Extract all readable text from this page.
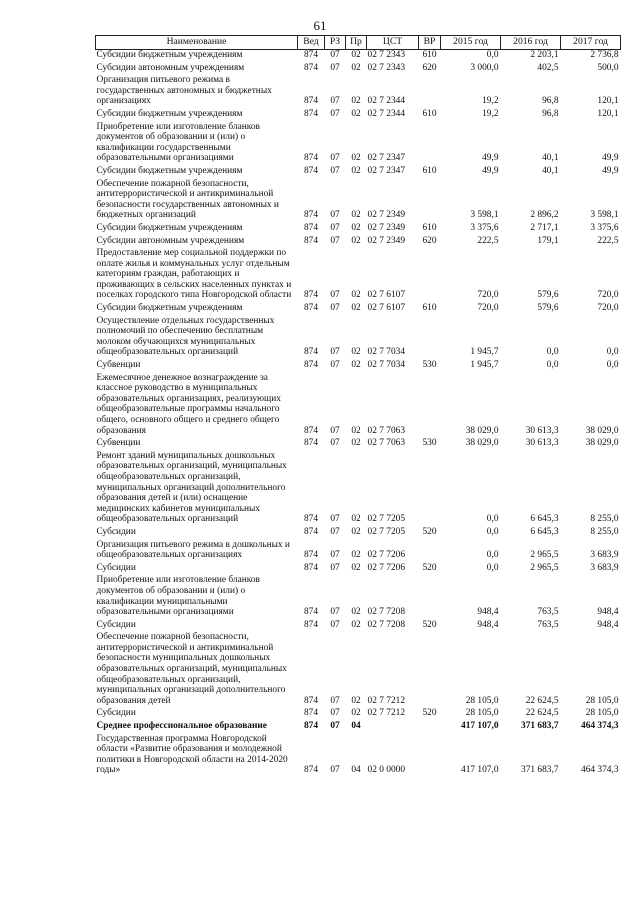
61
Наименование	Вед	РЗ	Пр	ЦСТ	ВР	2015 год	2016 год	2017 год
Субсидии бюджетным учреждениям	874	07	02	02 7 2343	610	0,0	2 203,1	2 736,8
Субсидии автономным учреждениям	874	07	02	02 7 2343	620	3 000,0	402,5	500,0
Организация питьевого режима в государственных автономных и бюджетных организациях	874	07	02	02 7 2344		19,2	96,8	120,1
Субсидии бюджетным учреждениям	874	07	02	02 7 2344	610	19,2	96,8	120,1
Приобретение или изготовление бланков документов об образовании и (или) о квалификации государственными образовательными организациями	874	07	02	02 7 2347		49,9	40,1	49,9
Субсидии бюджетным учреждениям	874	07	02	02 7 2347	610	49,9	40,1	49,9
Обеспечение пожарной безопасности, антитеррористической и антикриминальной безопасности государственных автономных и бюджетных организаций	874	07	02	02 7 2349		3 598,1	2 896,2	3 598,1
Субсидии бюджетным учреждениям	874	07	02	02 7 2349	610	3 375,6	2 717,1	3 375,6
Субсидии автономным учреждениям	874	07	02	02 7 2349	620	222,5	179,1	222,5
Предоставление мер социальной поддержки по оплате жилья и коммунальных услуг отдельным категориям граждан, работающих и проживающих в сельских населенных пунктах и поселках городского типа Новгородской области	874	07	02	02 7 6107		720,0	579,6	720,0
Субсидии бюджетным учреждениям	874	07	02	02 7 6107	610	720,0	579,6	720,0
Осуществление отдельных государственных полномочий по обеспечению бесплатным молоком обучающихся муниципальных общеобразовательных организаций	874	07	02	02 7 7034		1 945,7	0,0	0,0
Субвенции	874	07	02	02 7 7034	530	1 945,7	0,0	0,0
Ежемесячное денежное вознаграждение за классное руководство в муниципальных образовательных организациях, реализующих общеобразовательные программы начального общего, основного общего и среднего общего образования	874	07	02	02 7 7063		38 029,0	30 613,3	38 029,0
Субвенции	874	07	02	02 7 7063	530	38 029,0	30 613,3	38 029,0
Ремонт зданий муниципальных дошкольных образовательных организаций, муниципальных общеобразовательных организаций, муниципальных организаций дополнительного образования детей и (или) оснащение медицинских кабинетов муниципальных общеобразовательных организаций	874	07	02	02 7 7205		0,0	6 645,3	8 255,0
Субсидии	874	07	02	02 7 7205	520	0,0	6 645,3	8 255,0
Организация питьевого режима в дошкольных и общеобразовательных организациях	874	07	02	02 7 7206		0,0	2 965,5	3 683,9
Субсидии	874	07	02	02 7 7206	520	0,0	2 965,5	3 683,9
Приобретение или изготовление бланков документов об образовании и (или) о квалификации муниципальными образовательными организациями	874	07	02	02 7 7208		948,4	763,5	948,4
Субсидии	874	07	02	02 7 7208	520	948,4	763,5	948,4
Обеспечение пожарной безопасности, антитеррористической и антикриминальной безопасности муниципальных дошкольных образовательных организаций, муниципальных общеобразовательных организаций, муниципальных организаций дополнительного образования детей	874	07	02	02 7 7212		28 105,0	22 624,5	28 105,0
Субсидии	874	07	02	02 7 7212	520	28 105,0	22 624,5	28 105,0
Среднее профессиональное образование	874	07	04			417 107,0	371 683,7	464 374,3
Государственная программа Новгородской области «Развитие образования и молодежной политики в Новгородской области на 2014-2020 годы»	874	07	04	02 0 0000		417 107,0	371 683,7	464 374,3
